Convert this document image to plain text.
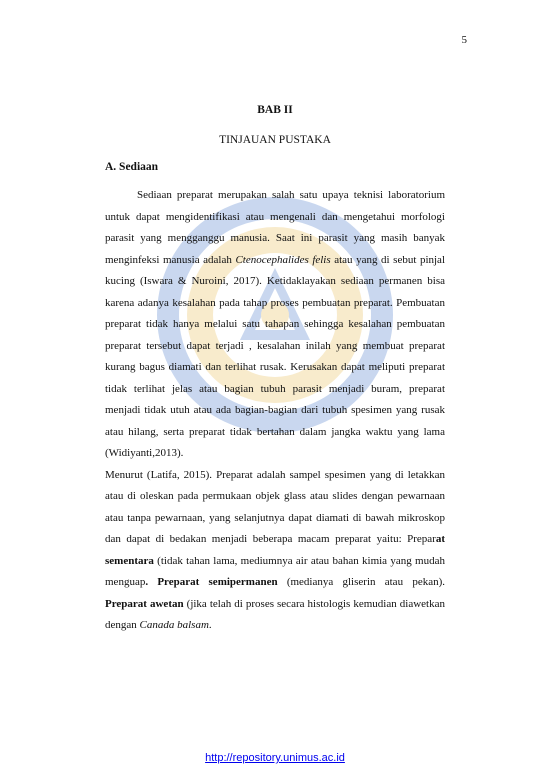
5
BAB II
TINJAUAN PUSTAKA
A. Sediaan

Sediaan preparat merupakan salah satu upaya teknisi laboratorium untuk dapat mengidentifikasi atau mengenali dan mengetahui morfologi parasit yang mengganggu manusia. Saat ini parasit yang masih banyak menginfeksi manusia adalah Ctenocephalides felis atau yang di sebut pinjal kucing (Iswara & Nuroini, 2017). Ketidaklayakan sediaan permanen bisa karena adanya kesalahan pada tahap proses pembuatan preparat. Pembuatan preparat tidak hanya melalui satu tahapan sehingga kesalahan pembuatan preparat tersebut dapat terjadi , kesalahan inilah yang membuat preparat kurang bagus diamati dan terlihat rusak. Kerusakan dapat meliputi preparat tidak terlihat jelas atau bagian tubuh parasit menjadi buram, preparat menjadi tidak utuh atau ada bagian-bagian dari tubuh spesimen yang rusak atau hilang, serta preparat tidak bertahan dalam jangka waktu yang lama (Widiyanti,2013).

Menurut (Latifa, 2015). Preparat adalah sampel spesimen yang di letakkan atau di oleskan pada permukaan objek glass atau slides dengan pewarnaan atau tanpa pewarnaan, yang selanjutnya dapat diamati di bawah mikroskop dan dapat di bedakan menjadi beberapa macam preparat yaitu: Preparat sementara (tidak tahan lama, mediumnya air atau bahan kimia yang mudah menguap. Preparat semipermanen (medianya gliserin atau pekan). Preparat awetan (jika telah di proses secara histologis kemudian diawetkan dengan Canada balsam.

http://repository.unimus.ac.id
